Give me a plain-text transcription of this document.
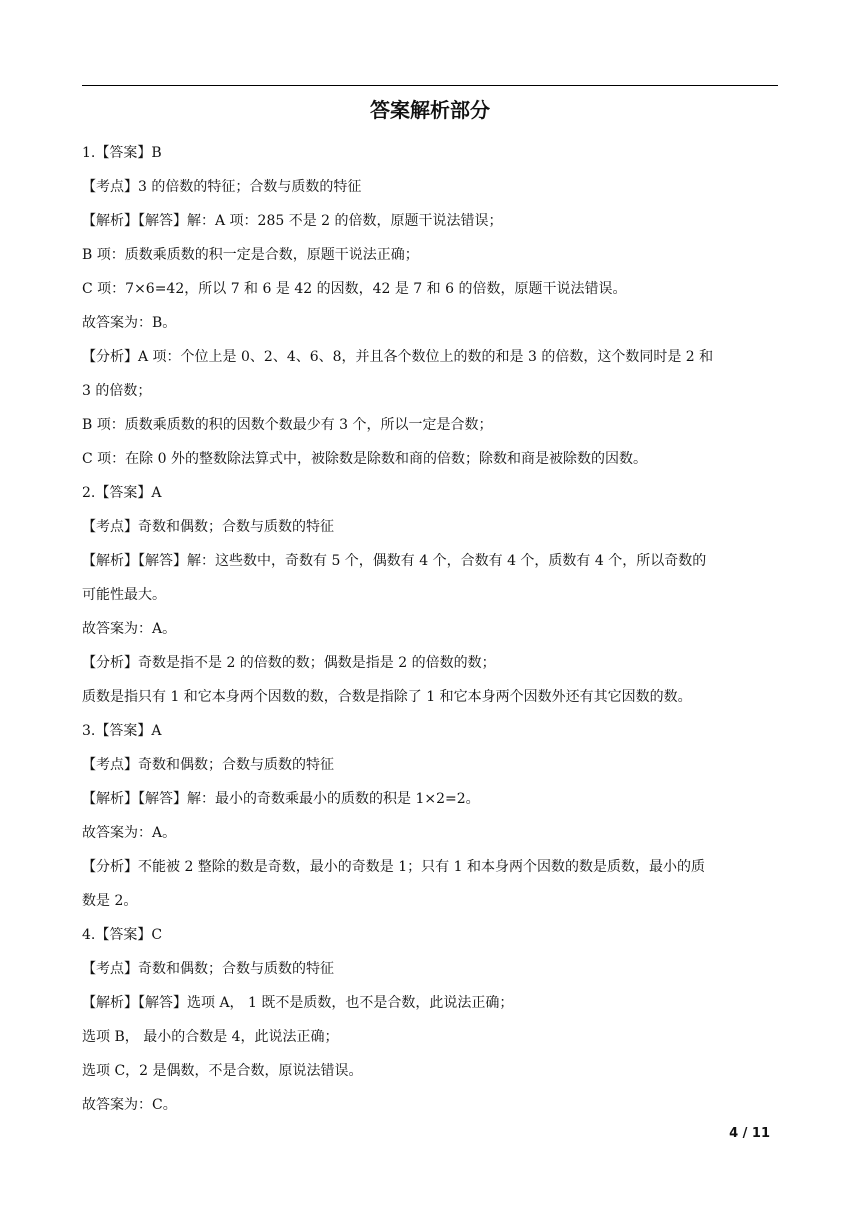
答案解析部分
1.【答案】B
【考点】3 的倍数的特征；合数与质数的特征
【解析】【解答】解：A 项：285 不是 2 的倍数，原题干说法错误；
B 项：质数乘质数的积一定是合数，原题干说法正确；
C 项：7×6=42，所以 7 和 6 是 42 的因数，42 是 7 和 6 的倍数，原题干说法错误。
故答案为：B。
【分析】A 项：个位上是 0、2、4、6、8，并且各个数位上的数的和是 3 的倍数，这个数同时是 2 和
3 的倍数；
B 项：质数乘质数的积的因数个数最少有 3 个，所以一定是合数；
C 项：在除 0 外的整数除法算式中，被除数是除数和商的倍数；除数和商是被除数的因数。
2.【答案】A
【考点】奇数和偶数；合数与质数的特征
【解析】【解答】解：这些数中，奇数有 5 个，偶数有 4 个，合数有 4 个，质数有 4 个，所以奇数的
可能性最大。
故答案为：A。
【分析】奇数是指不是 2 的倍数的数；偶数是指是 2 的倍数的数；
质数是指只有 1 和它本身两个因数的数，合数是指除了 1 和它本身两个因数外还有其它因数的数。
3.【答案】A
【考点】奇数和偶数；合数与质数的特征
【解析】【解答】解：最小的奇数乘最小的质数的积是 1×2=2。
故答案为：A。
【分析】不能被 2 整除的数是奇数，最小的奇数是 1；只有 1 和本身两个因数的数是质数，最小的质
数是 2。
4.【答案】C
【考点】奇数和偶数；合数与质数的特征
【解析】【解答】选项 A， 1 既不是质数，也不是合数，此说法正确；
选项 B， 最小的合数是 4，此说法正确；
选项 C，2 是偶数，不是合数，原说法错误。
故答案为：C。
4 / 11
